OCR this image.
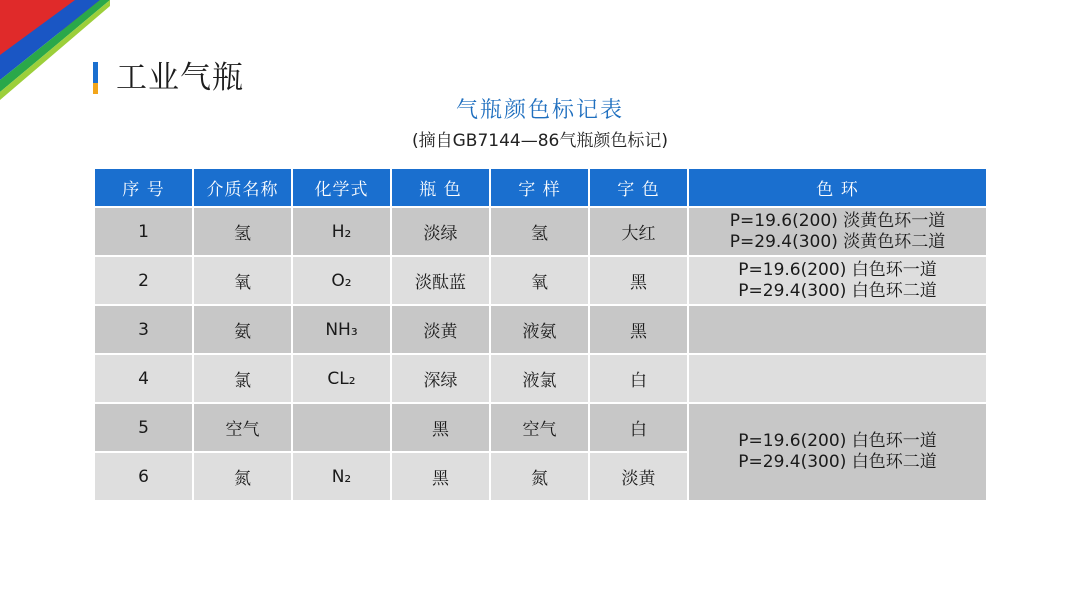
工业气瓶
气瓶颜色标记表
(摘自GB7144—86气瓶颜色标记)
序 号	介质名称	化学式	瓶 色	字 样	字 色	色 环
1	氢	H₂	淡绿	氢	大红	P=19.6(200) 淡黄色环一道
P=29.4(300) 淡黄色环二道

2	氧	O₂	淡酞蓝	氧	黑	P=19.6(200) 白色环一道
P=29.4(300) 白色环二道

3	氨	NH₃	淡黄	液氨	黑	
4	氯	CL₂	深绿	液氯	白	
5	空气		黑	空气	白	P=19.6(200) 白色环一道
P=29.4(300) 白色环二道

6	氮	N₂	黑	氮	淡黄	
